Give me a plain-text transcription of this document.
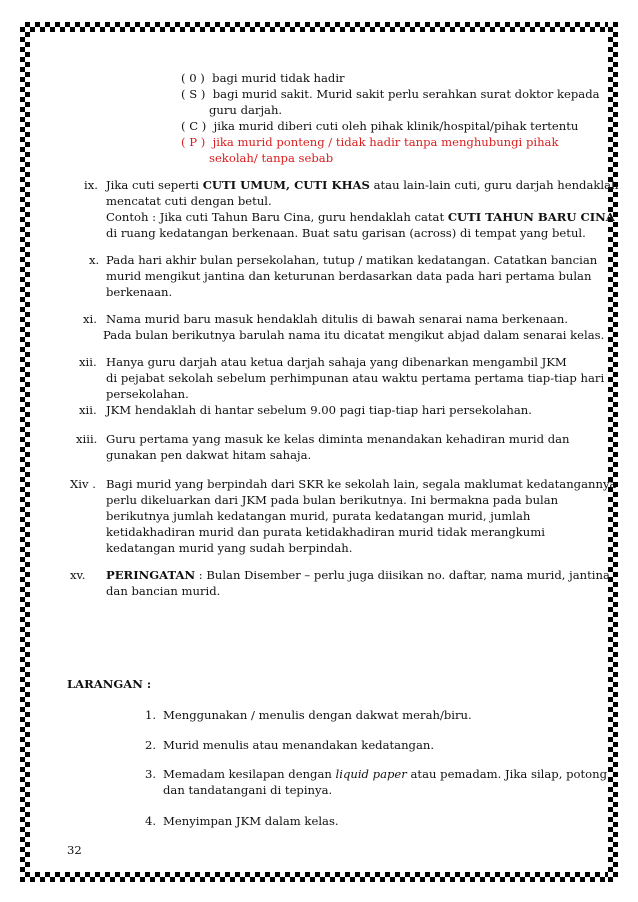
( 0 ) bagi murid tidak hadir
( S ) bagi murid sakit. Murid sakit perlu serahkan surat doktor kepada
guru darjah.
( C ) jika murid diberi cuti oleh pihak klinik/hospital/pihak tertentu
( P ) jika murid ponteng / tidak hadir tanpa menghubungi pihak
sekolah/ tanpa sebab
ix. Jika cuti seperti CUTI UMUM, CUTI KHAS atau lain-lain cuti, guru darjah hendaklah
mencatat cuti dengan betul.
Contoh : Jika cuti Tahun Baru Cina, guru hendaklah catat CUTI TAHUN BARU CINA
di ruang kedatangan berkenaan. Buat satu garisan (across) di tempat yang betul.
x. Pada hari akhir bulan persekolahan, tutup / matikan kedatangan. Catatkan bancian
murid mengikut jantina dan keturunan berdasarkan data pada hari pertama bulan
berkenaan.
xi. Nama murid baru masuk hendaklah ditulis di bawah senarai nama berkenaan.
Pada bulan berikutnya barulah nama itu dicatat mengikut abjad dalam senarai kelas.
xii. Hanya guru darjah atau ketua darjah sahaja yang dibenarkan mengambil JKM
di pejabat sekolah sebelum perhimpunan atau waktu pertama pertama tiap-tiap hari
persekolahan.
xii. JKM hendaklah di hantar sebelum 9.00 pagi tiap-tiap hari persekolahan.
xiii. Guru pertama yang masuk ke kelas diminta menandakan kehadiran murid dan
gunakan pen dakwat hitam sahaja.
Xiv . Bagi murid yang berpindah dari SKR ke sekolah lain, segala maklumat kedatangannya
perlu dikeluarkan dari JKM pada bulan berikutnya. Ini bermakna pada bulan
berikutnya jumlah kedatangan murid, purata kedatangan murid, jumlah
ketidakhadiran murid dan purata ketidakhadiran murid tidak merangkumi
kedatangan murid yang sudah berpindah.
xv. PERINGATAN : Bulan Disember – perlu juga diisikan no. daftar, nama murid, jantina
dan bancian murid.
LARANGAN :
1. Menggunakan / menulis dengan dakwat merah/biru.
2. Murid menulis atau menandakan kedatangan.
3. Memadam kesilapan dengan liquid paper atau pemadam. Jika silap, potong
dan tandatangani di tepinya.
4. Menyimpan JKM dalam kelas.
32
